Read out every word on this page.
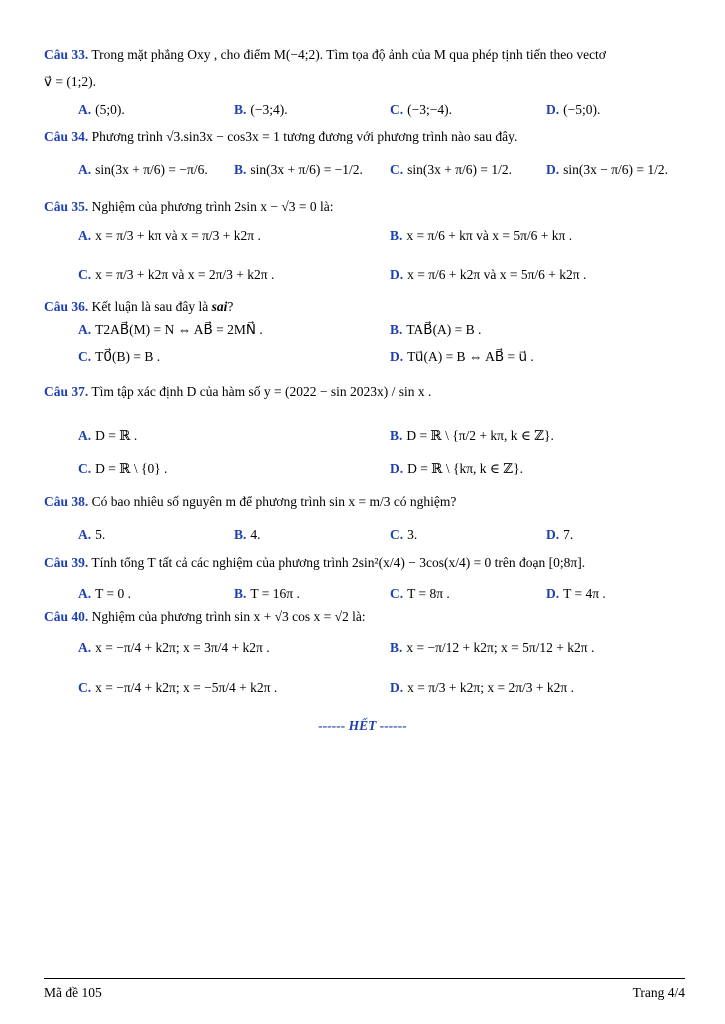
Câu 33. Trong mặt phẳng Oxy , cho điểm M(−4;2). Tìm tọa độ ảnh của M qua phép tịnh tiến theo vectơ
v⃗ = (1;2).
A. (5;0).	B. (−3;4).	C. (−3;−4).	D. (−5;0).
Câu 34. Phương trình √3.sin3x − cos3x = 1 tương đương với phương trình nào sau đây.
A. sin(3x + π/6) = −π/6. B. sin(3x + π/6) = −1/2. C. sin(3x + π/6) = 1/2.	D. sin(3x − π/6) = 1/2.
Câu 35. Nghiệm của phương trình 2sin x − √3 = 0 là:
A. x = π/3 + kπ và x = π/3 + k2π .	B. x = π/6 + kπ và x = 5π/6 + kπ .
C. x = π/3 + k2π và x = 2π/3 + k2π .	D. x = π/6 + k2π và x = 5π/6 + k2π .
Câu 36. Kết luận là sau đây là sai?
A. T2AB⃗(M) = N ⇔ AB⃗ = 2MN⃗ .	B. TAB⃗(A) = B .
C. T0⃗(B) = B .	D. Tu⃗(A) = B ⇔ AB⃗ = u⃗ .
Câu 37. Tìm tập xác định D của hàm số y = (2022 − sin 2023x) / sin x .
A. D = ℝ .	B. D = ℝ \ {π/2 + kπ, k ∈ ℤ}.
C. D = ℝ \ {0} .	D. D = ℝ \ {kπ, k ∈ ℤ}.
Câu 38. Có bao nhiêu số nguyên m để phương trình sin x = m/3 có nghiệm?
A. 5.	B. 4.	C. 3.	D. 7.
Câu 39. Tính tổng T tất cả các nghiệm của phương trình 2sin²(x/4) − 3cos(x/4) = 0 trên đoạn [0;8π].
A. T = 0 .	B. T = 16π .	C. T = 8π .	D. T = 4π .
Câu 40. Nghiệm của phương trình sin x + √3 cos x = √2 là:
A. x = −π/4 + k2π; x = 3π/4 + k2π .	B. x = −π/12 + k2π; x = 5π/12 + k2π .
C. x = −π/4 + k2π; x = −5π/4 + k2π .	D. x = π/3 + k2π; x = 2π/3 + k2π .
------ HẾT ------
Mã đề 105	Trang 4/4
